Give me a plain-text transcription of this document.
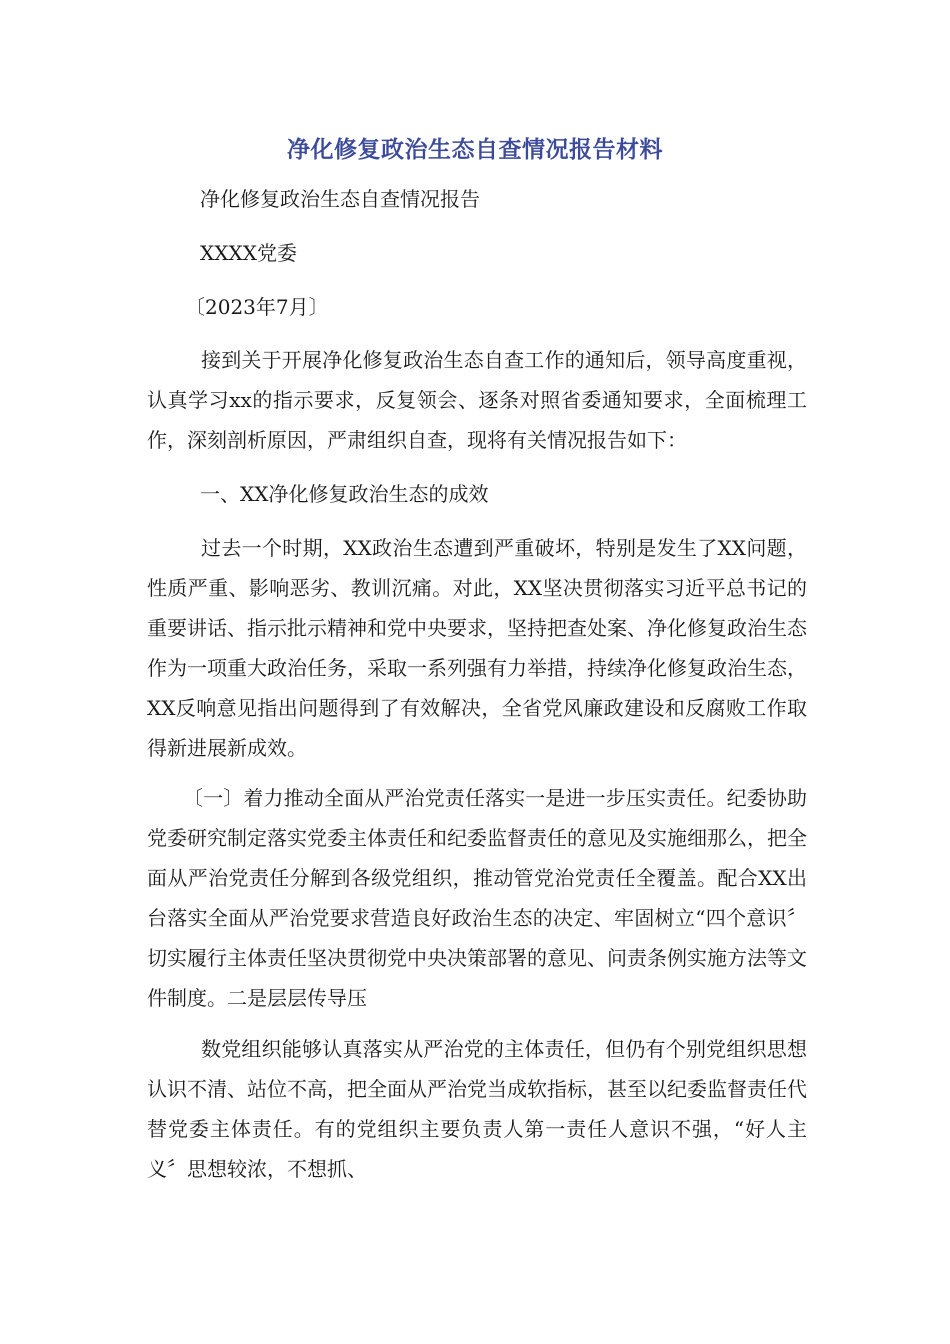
净化修复政治生态自查情况报告材料
净化修复政治生态自查情况报告
XXXX党委
〔2023年7月〕

接到关于开展净化修复政治生态自查工作的通知后，领导高度重视，认真学习xx的指示要求，反复领会、逐条对照省委通知要求，全面梳理工作，深刻剖析原因，严肃组织自查，现将有关情况报告如下：

一、XX净化修复政治生态的成效

过去一个时期，XX政治生态遭到严重破坏，特别是发生了XX问题，性质严重、影响恶劣、教训沉痛。对此，XX坚决贯彻落实习近平总书记的重要讲话、指示批示精神和党中央要求，坚持把查处案、净化修复政治生态作为一项重大政治任务，采取一系列强有力举措，持续净化修复政治生态，XX反响意见指出问题得到了有效解决，全省党风廉政建设和反腐败工作取得新进展新成效。

〔一〕着力推动全面从严治党责任落实一是进一步压实责任。纪委协助党委研究制定落实党委主体责任和纪委监督责任的意见及实施细那么，把全面从严治党责任分解到各级党组织，推动管党治党责任全覆盖。配合XX出台落实全面从严治党要求营造良好政治生态的决定、牢固树立“四个意识〞切实履行主体责任坚决贯彻党中央决策部署的意见、问责条例实施方法等文件制度。二是层层传导压

数党组织能够认真落实从严治党的主体责任，但仍有个别党组织思想认识不清、站位不高，把全面从严治党当成软指标，甚至以纪委监督责任代替党委主体责任。有的党组织主要负责人第一责任人意识不强，“好人主义〞思想较浓，不想抓、
